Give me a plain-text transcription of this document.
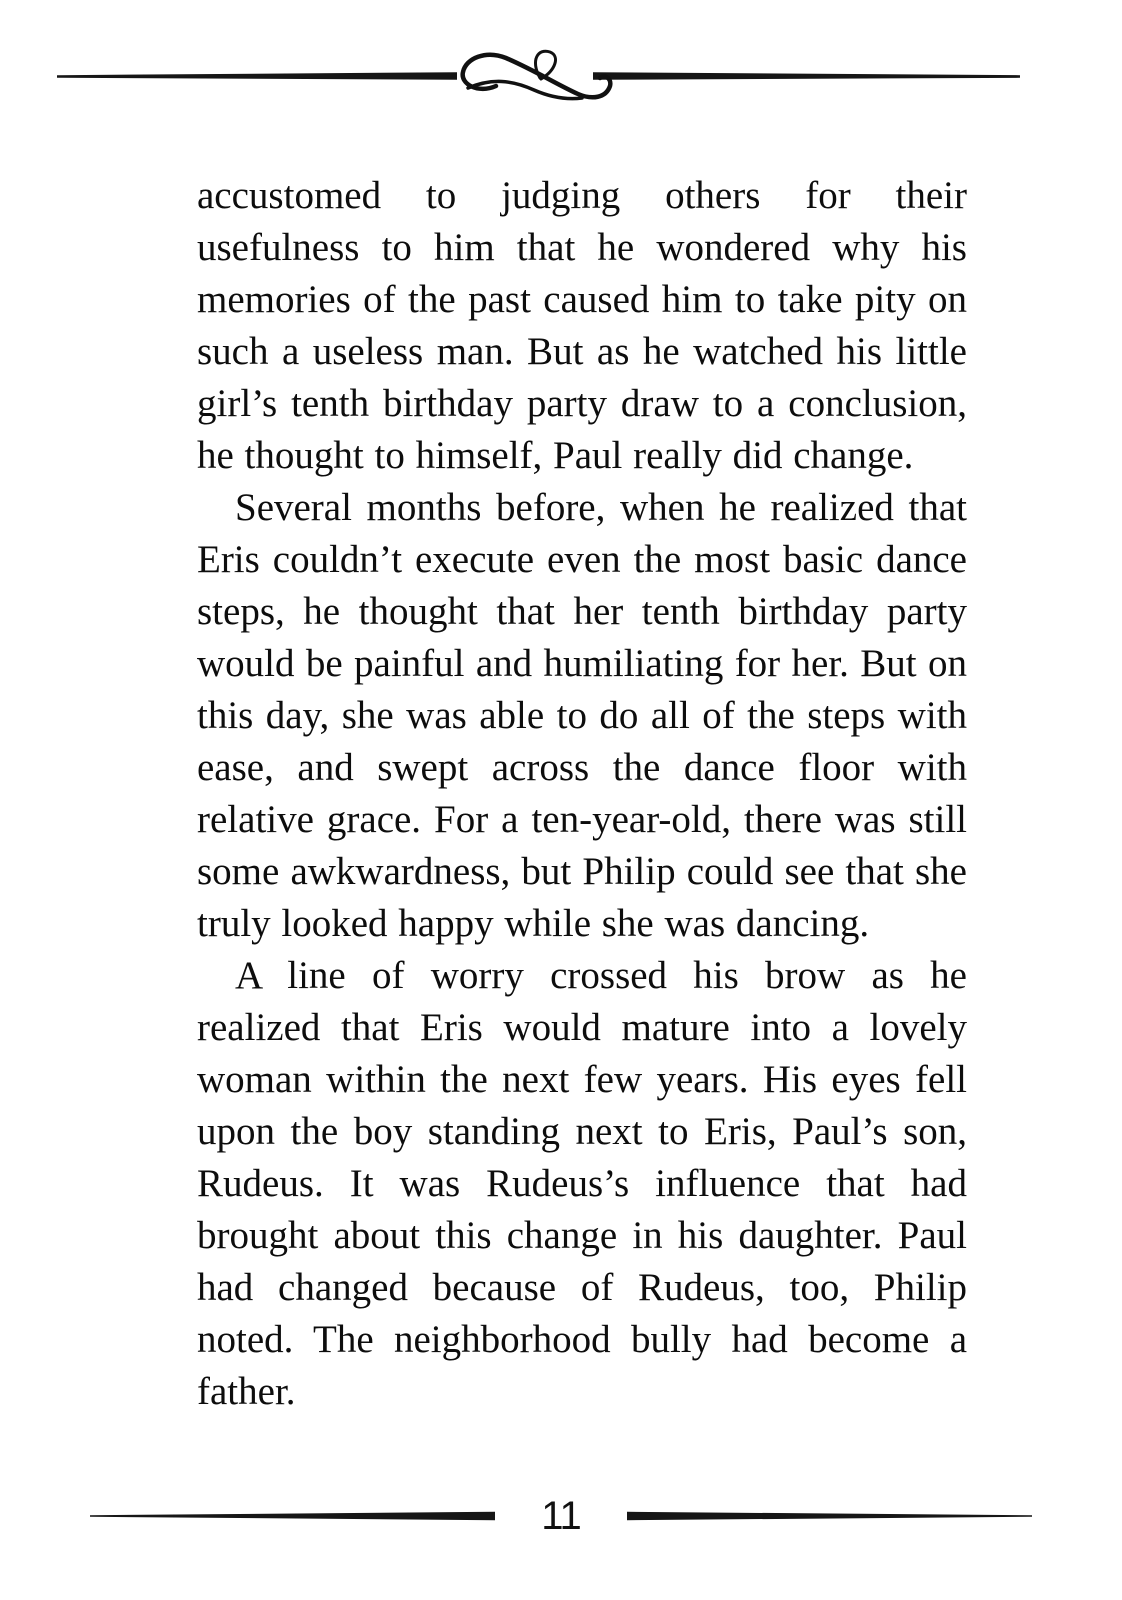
accustomed to judging others for their usefulness to him that he wondered why his memories of the past caused him to take pity on such a useless man. But as he watched his little girl’s tenth birthday party draw to a conclusion, he thought to himself, Paul really did change.

Several months before, when he realized that Eris couldn’t execute even the most basic dance steps, he thought that her tenth birthday party would be painful and humiliating for her. But on this day, she was able to do all of the steps with ease, and swept across the dance floor with relative grace. For a ten-year-old, there was still some awkwardness, but Philip could see that she truly looked happy while she was dancing.

A line of worry crossed his brow as he realized that Eris would mature into a lovely woman within the next few years. His eyes fell upon the boy standing next to Eris, Paul’s son, Rudeus. It was Rudeus’s influence that had brought about this change in his daughter. Paul had changed because of Rudeus, too, Philip noted. The neighborhood bully had become a father.

11
